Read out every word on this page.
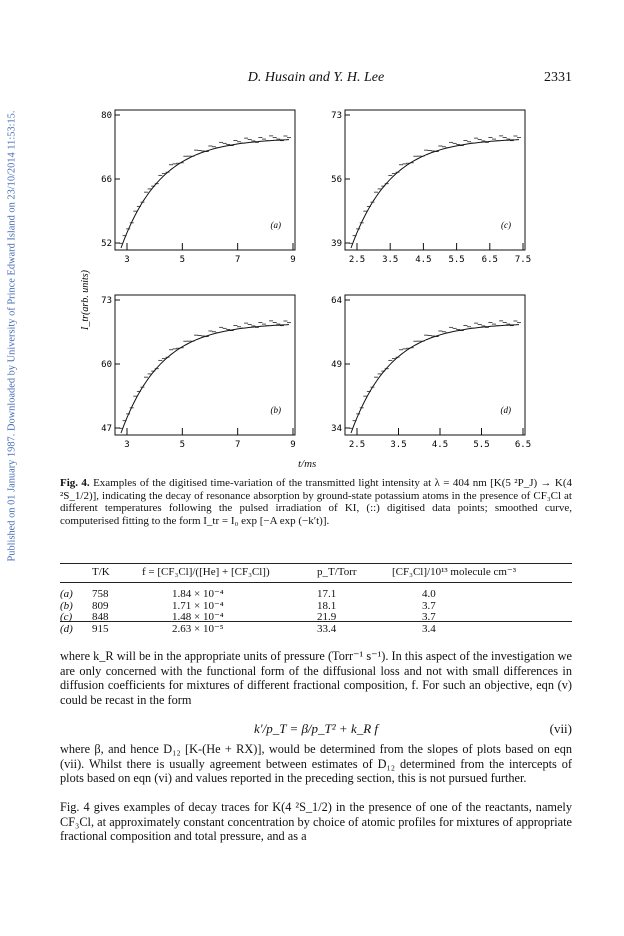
Published on 01 January 1987. Downloaded by University of Prince Edward Island on 23/10/2014 11:53:15.
D. Husain and Y. H. Lee	2331
I_tr(arb. units)
80
66
52
3	5	7	9
(a)
73
56
39
2.5 3.5 4.5 5.5 6.5 7.5
(c)
73
60
47
3	5	7	9
(b)
64
49
34
2.5	3.5	4.5	5.5	6.5
(d)
t/ms
Fig. 4. Examples of the digitised time-variation of the transmitted light intensity at λ = 404 nm [K(5 ²P_J) → K(4 ²S_1/2)], indicating the decay of resonance absorption by ground-state potassium atoms in the presence of CF₃Cl at different temperatures following the pulsed irradiation of KI, (::) digitised data points; smoothed curve, computerised fitting to the form I_tr = I₀ exp [−A exp (−k′t)].
	T/K	f = [CF₃Cl]/([He] + [CF₃Cl])	p_T/Torr	[CF₃Cl]/10¹³ molecule cm⁻³
(a)	758	1.84 × 10⁻⁴	17.1	4.0
(b)	809	1.71 × 10⁻⁴	18.1	3.7
(c)	848	1.48 × 10⁻⁴	21.9	3.7
(d)	915	2.63 × 10⁻⁵	33.4	3.4
where k_R will be in the appropriate units of pressure (Torr⁻¹ s⁻¹). In this aspect of the investigation we are only concerned with the functional form of the diffusional loss and not with small differences in diffusion coefficients for mixtures of different fractional composition, f. For such an objective, eqn (v) could be recast in the form
k′/p_T = β/p_T² + k_R f	(vii)
where β, and hence D₁₂ [K-(He + RX)], would be determined from the slopes of plots based on eqn (vii). Whilst there is usually agreement between estimates of D₁₂ determined from the intercepts of plots based on eqn (vi) and values reported in the preceding section, this is not pursued further.
Fig. 4 gives examples of decay traces for K(4 ²S_1/2) in the presence of one of the reactants, namely CF₃Cl, at approximately constant concentration by choice of atomic profiles for mixtures of appropriate fractional composition and total pressure, and as a
